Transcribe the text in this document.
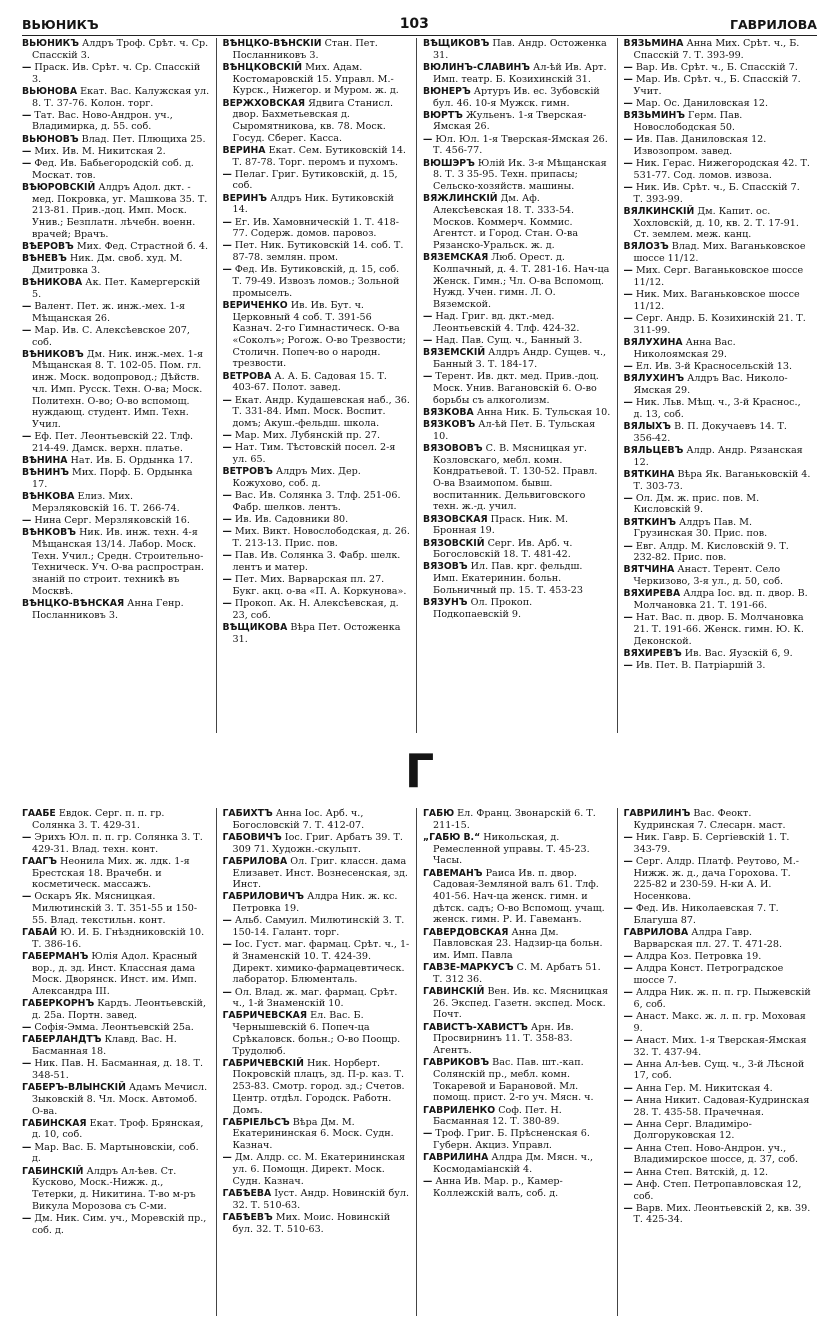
ВЬЮНИКЪ	103	ГАВРИЛОВА

ВЬЮНИКЪ Алдръ Троф. Срѣт. ч. Ср. Спасскій 3.

— Праск. Ив. Срѣт. ч. Ср. Спасскій 3.

ВЬЮНОВА Екат. Вас. Калужская ул. 8. Т. 37-76. Колон. торг.

— Тат. Вас. Ново-Андрон. уч., Владимирка, д. 55. соб.

ВЬЮНОВЪ Влад. Пет. Плющиха 25.

— Мих. Ив. М. Никитская 2.

— Фед. Ив. Бабьегородскій соб. д. Москат. тов.

ВѢЮРОВСКІЙ Алдръ Адол. дкт. - мед. Покровка, уг. Машкова 35. Т. 213-81. Прив.-доц. Имп. Моск. Унив.; Безплатн. лѣчебн. военн. врачей; Врачъ.

ВѢЕРОВЪ Мих. Фед. Страстной б. 4.

ВѢНЕВЪ Ник. Дм. своб. худ. М. Дмитровка 3.

ВѢНИКОВА Ак. Пет. Камергерскій 5.

— Валент. Пет. ж. инж.-мех. 1-я Мѣщанская 26.

— Мар. Ив. С. Алексѣевское 207, соб.

ВѢНИКОВЪ Дм. Ник. инж.-мех. 1-я Мѣщанская 8. Т. 102-05. Пом. гл. инж. Моск. водопровод.; Дѣйств. чл. Имп. Русск. Техн. О-ва; Моск. Политехн. О-во; О-во вспомощ. нуждающ. студент. Имп. Техн. Учил.

— Еф. Пет. Леонтьевскій 22. Тлф. 214-49. Дамск. верхн. платье.

ВѢНИНА Нат. Ив. Б. Ордынка 17.

ВѢНИНЪ Мих. Порф. Б. Ордынка 17.

ВѢНКОВА Елиз. Мих. Мерзляковскій 16. Т. 266-74.

— Нина Серг. Мерзляковскій 16.

ВѢНКОВЪ Ник. Ив. инж. техн. 4-я Мѣщанская 13/14. Лабор. Моск. Техн. Учил.; Средн. Строительно-Техническ. Уч. О-ва распростран. знаній по строит. техникѣ въ Москвѣ.

ВѢНЦКО-ВѢНСКАЯ Анна Генр. Посланниковъ 3.

ВѢНЦКО-ВѢНСКІЙ Стан. Пет. Посланниковъ 3.

ВѢНЦКОВСКІЙ Мих. Адам. Костомаровскій 15. Управл. М.-Курск., Нижегор. и Муром. ж. д.

ВЕРЖХОВСКАЯ Ядвига Станисл. двор. Бахметьевская д. Сыромятникова, кв. 78. Моск. Госуд. Сберег. Касса.

ВЕРИНА Екат. Сем. Бутиковскій 14. Т. 87-78. Торг. перомъ и пухомъ.

— Пелаг. Григ. Бутиковскій, д. 15, соб.

ВЕРИНЪ Алдръ Ник. Бутиковскій 14.

— Ег. Ив. Хамовническій 1. Т. 418-77. Содерж. домов. паровоз.

— Пет. Ник. Бутиковскій 14. соб. Т. 87-78. землян. пром.

— Фед. Ив. Бутиковскій, д. 15, соб. Т. 79-49. Извозъ ломов.; Зольной промыселъ.

ВЕРИЧЕНКО Ив. Ив. Бут. ч. Церковный 4 соб. Т. 391-56 Казнач. 2-го Гимнастическ. О-ва «Соколъ»; Рогож. О-во Трезвости; Столичн. Попеч-во о народн. трезвости.

ВЕТРОВА А. А. Б. Садовая 15. Т. 403-67. Полот. завед.

— Екат. Андр. Кудашевская наб., 36. Т. 331-84. Имп. Моск. Воспит. домъ; Акуш.-фельдш. школа.

— Мар. Мих. Лубянскій пр. 27.

— Нат. Тим. Тѣстовскій посел. 2-я ул. 65.

ВЕТРОВЪ Алдръ Мих. Дер. Кожухово, соб. д.

— Вас. Ив. Солянка 3. Тлф. 251-06. Фабр. шелков. лентъ.

— Ив. Ив. Садовники 80.

— Мих. Викт. Новослободская, д. 26. Т. 213-13. Прис. пов.

— Пав. Ив. Солянка 3. Фабр. шелк. лентъ и матер.

— Пет. Мих. Варварская пл. 27. Букг. акц. о-ва «П. А. Коркунова».

— Прокоп. Ак. Н. Алексѣевская, д. 23, соб.

ВѢЩИКОВА Вѣра Пет. Остоженка 31.

ВѢЩИКОВЪ Пав. Андр. Остоженка 31.

ВЮЛИНЪ-СЛАВИНЪ Ал-ѣй Ив. Арт. Имп. театр. Б. Козихинскій 31.

ВЮНЕРЪ Артуръ Ив. ес. Зубовскій бул. 46. 10-я Мужск. гимн.

ВЮРТЪ Жульенъ. 1-я Тверская-Ямская 26.

— Юл. Юл. 1-я Тверская-Ямская 26. Т. 456-77.

ВЮШЭРЪ Юлій Ик. 3-я Мѣщанская 8. Т. 3 35-95. Техн. припасы; Сельско-хозяйств. машины.

ВЯЖЛИНСКІЙ Дм. Аф. Алексѣевская 18. Т. 333-54. Москов. Коммерч. Коммис. Агентст. и Город. Стан. О-ва Рязанско-Уральск. ж. д.

ВЯЗЕМСКАЯ Люб. Орест. д. Колпачный, д. 4. Т. 281-16. Нач-ца Женск. Гимн.; Чл. О-ва Вспомощ. Нужд. Учен. гимн. Л. О. Вяземской.

— Над. Григ. вд. дкт.-мед. Леонтьевскій 4. Тлф. 424-32.

— Над. Пав. Сущ. ч., Банный 3.

ВЯЗЕМСКІЙ Алдръ Андр. Сущев. ч., Банный 3. Т. 184-17.

— Терент. Ив. дкт. мед. Прив.-доц. Моск. Унив. Вагановскій 6. О-во борьбы съ алкоголизм.

ВЯЗКОВА Анна Ник. Б. Тульская 10.

ВЯЗКОВЪ Ал-ѣй Пет. Б. Тульская 10.

ВЯЗОВОВЪ С. В. Мясницкая уг. Козловскаго, мебл. комн. Кондратьевой. Т. 130-52. Правл. О-ва Взаимопом. бывш. воспитанник. Дельвиговского техн. ж.-д. учил.

ВЯЗОВСКАЯ Праск. Ник. М. Бронная 19.

ВЯЗОВСКІЙ Серг. Ив. Арб. ч. Богословскій 18. Т. 481-42.

ВЯЗОВЪ Ил. Пав. крг. фельдш. Имп. Екатеринин. больн. Больничный пр. 15. Т. 453-23

ВЯЗУНЪ Ол. Прокоп. Подкопаевскій 9.

ВЯЗЬМИНА Анна Мих. Срѣт. ч., Б. Спасскій 7. Т. 393-99.

— Вар. Ив. Срѣт. ч., Б. Спасскій 7.

— Мар. Ив. Срѣт. ч., Б. Спасскій 7. Учит.

— Мар. Ос. Даниловская 12.

ВЯЗЬМИНЪ Герм. Пав. Новослободская 50.

— Ив. Пав. Даниловская 12. Извозопром. завед.

— Ник. Герас. Нижегородская 42. Т. 531-77. Сод. ломов. извоза.

— Ник. Ив. Срѣт. ч., Б. Спасскій 7. Т. 393-99.

ВЯЛКИНСКІЙ Дм. Капит. ос. Хохловскій, д. 10, кв. 2. Т. 17-91. Ст. землем. меж. канц.

ВЯЛОЗЪ Влад. Мих. Ваганьковское шоссе 11/12.

— Мих. Серг. Ваганьковское шоссе 11/12.

— Ник. Мих. Ваганьковское шоссе 11/12.

— Серг. Андр. Б. Козихинскій 21. Т. 311-99.

ВЯЛУХИНА Анна Вас. Николоямская 29.

— Ел. Ив. 3-й Красносельскій 13.

ВЯЛУХИНЪ Алдръ Вас. Николо-Ямская 29.

— Ник. Льв. Мѣщ. ч., 3-й Краснос., д. 13, соб.

ВЯЛЫХЪ В. П. Докучаевъ 14. Т. 356-42.

ВЯЛЬЦЕВЪ Алдр. Андр. Рязанская 12.

ВЯТКИНА Вѣра Як. Ваганьковскій 4. Т. 303-73.

— Ол. Дм. ж. прис. пов. М. Кисловскій 9.

ВЯТКИНЪ Алдръ Пав. М. Грузинская 30. Прис. пов.

— Евг. Алдр. М. Кисловскій 9. Т. 232-82. Прис. пов.

ВЯТЧИНА Анаст. Терент. Село Черкизово, 3-я ул., д. 50, соб.

ВЯХИРЕВА Алдра Іос. вд. п. двор. В. Молчановка 21. Т. 191-66.

— Нат. Вас. п. двор. Б. Молчановка 21. Т. 191-66. Женск. гимн. Ю. К. Деконской.

ВЯХИРЕВЪ Ив. Вас. Яузскій 6, 9.

— Ив. Пет. В. Патріаршій 3.

Г

ГААБЕ Евдок. Серг. п. п. гр. Солянка 3. Т. 429-31.

— Эрихъ Юл. п. п. гр. Солянка 3. Т. 429-31. Влад. техн. конт.

ГААГЪ Неонила Мих. ж. лдк. 1-я Брестская 18. Врачебн. и косметическ. массажъ.

— Оскаръ Як. Мясницкая. Милютинскій 3. Т. 351-55 и 150-55. Влад. текстильн. конт.

ГАБАЙ Ю. И. Б. Гнѣздниковскій 10. Т. 386-16.

ГАБЕРМАНЪ Юлія Адол. Красный вор., д. зд. Инст. Классная дама Моск. Дворянск. Инст. им. Имп. Александра III.

ГАБЕРКОРНЪ Кардъ. Леонтьевскій, д. 25а. Портн. завед.

— Софія-Эмма. Леонтьевскій 25а.

ГАБЕРЛАНДТЪ Клавд. Вас. Н. Басманная 18.

— Ник. Пав. Н. Басманная, д. 18. Т. 348-51.

ГАБЕРЪ-ВЛЫНСКІЙ Адамъ Мечисл. Зыковскій 8. Чл. Моск. Автомоб. О-ва.

ГАБИНСКАЯ Екат. Троф. Брянская, д. 10, соб.

— Мар. Вас. Б. Мартыновскіи, соб. д.

ГАБИНСКІЙ Алдръ Ал-ѣев. Ст. Кусково, Моск.-Нижж. д., Тетерки, д. Никитина. Т-во м-ръ Викула Морозова съ С-ми.

— Дм. Ник. Сим. уч., Моревскій пр., соб. д.

ГАБИХТЪ Анна Іос. Арб. ч., Богословскій 7. Т. 412-07.

ГАБОВИЧЪ Іос. Григ. Арбатъ 39. Т. 309 71. Художн.-скульпт.

ГАБРИЛОВА Ол. Григ. классн. дама Елизавет. Инст. Вознесенская, зд. Инст.

ГАБРИЛОВИЧЪ Алдра Ник. ж. кс. Петровка 19.

— Альб. Самуил. Милютинскій 3. Т. 150-14. Галант. торг.

— Іос. Густ. маг. фармац. Срѣт. ч., 1-й Знаменскій 10. Т. 424-39. Директ. химико-фармацевтическ. лаборатор. Блюменталь.

— Ол. Влад. ж. маг. фармац. Срѣт. ч., 1-й Знаменскій 10.

ГАБРИЧЕВСКАЯ Ел. Вас. Б. Чернышевскій 6. Попеч-ца Срѣкаловск. больн.; О-во Поощр. Трудолюб.

ГАБРИЧЕВСКІЙ Ник. Норберт. Покровскій плацъ, зд. П-р. каз. Т. 253-83. Смотр. город. зд.; Счетов. Центр. отдѣл. Городск. Работн. Домъ.

ГАБРІЕЛЬСЪ Вѣра Дм. М. Екатерининская 6. Моск. Судн. Казнач.

— Дм. Алдр. сс. М. Екатерининская ул. 6. Помощн. Директ. Моск. Судн. Казнач.

ГАБѢЕВА Іуст. Андр. Новинскій бул. 32. Т. 510-63.

ГАБѢЕВЪ Мих. Моис. Новинскій бул. 32. Т. 510-63.

ГАБЮ Ел. Франц. Звонарскій 6. Т. 211-15.

„ГАБЮ В.“ Никольская, д. Ремесленной управы. Т. 45-23. Часы.

ГАВЕМАНЪ Раиса Ив. п. двор. Садовая-Земляной валъ 61. Тлф. 401-56. Нач-ца женск. гимн. и дѣтск. садъ; О-во Вспомощ. учащ. женск. гимн. Р. И. Гавеманъ.

ГАВЕРДОВСКАЯ Анна Дм. Павловская 23. Надзир-ца больн. им. Имп. Павла

ГАВЗЕ-МАРКУСЪ С. М. Арбатъ 51. Т. 312 36.

ГАВИНСКІЙ Вен. Ив. кс. Мясницкая 26. Экспед. Газетн. экспед. Моск. Почт.

ГАВИСТЪ-ХАВИСТЪ Арн. Ив. Просвирнинъ 11. Т. 358-83. Агентъ.

ГАВРИКОВЪ Вас. Пав. шт.-кап. Солянскій пр., мебл. комн. Токаревой и Барановой. Мл. помощ. прист. 2-го уч. Мясн. ч.

ГАВРИЛЕНКО Соф. Пет. Н. Басманная 12. Т. 380-89.

— Троф. Григ. Б. Прѣсненская 6. Губерн. Акциз. Управл.

ГАВРИЛИНА Алдра Дм. Мясн. ч., Космодамiанскій 4.

— Анна Ив. Мар. р., Камер-Коллежскій валъ, соб. д.

ГАВРИЛИНЪ Вас. Феокт. Кудринская 7. Слесарн. маст.

— Ник. Гавр. Б. Сергіевскій 1. Т. 343-79.

— Серг. Алдр. Платф. Реутово, М.-Нижж. ж. д., дача Горохова. Т. 225-82 и 230-59. Н-ки А. И. Носенкова.

— Фед. Ив. Николаевская 7. Т. Благуша 87.

ГАВРИЛОВА Алдра Гавр. Варварская пл. 27. Т. 471-28.

— Алдра Коз. Петровка 19.

— Алдра Конст. Петроградское шоссе 7.

— Алдра Ник. ж. п. п. гр. Пыжевскій 6, соб.

— Анаст. Макс. ж. л. п. гр. Моховая 9.

— Анаст. Мих. 1-я Тверская-Ямская 32. Т. 437-94.

— Анна Ал-ѣев. Сущ. ч., 3-й Лѣсной 17, соб.

— Анна Гер. М. Никитская 4.

— Анна Никит. Садовая-Кудринская 28. Т. 435-58. Прачечная.

— Анна Серг. Владиміро-Долгоруковская 12.

— Анна Степ. Ново-Андрон. уч., Владимирское шоссе, д. 37, соб.

— Анна Степ. Вятскій, д. 12.

— Анф. Степ. Петропавловская 12, соб.

— Варв. Мих. Леонтьевскій 2, кв. 39. Т. 425-34.
